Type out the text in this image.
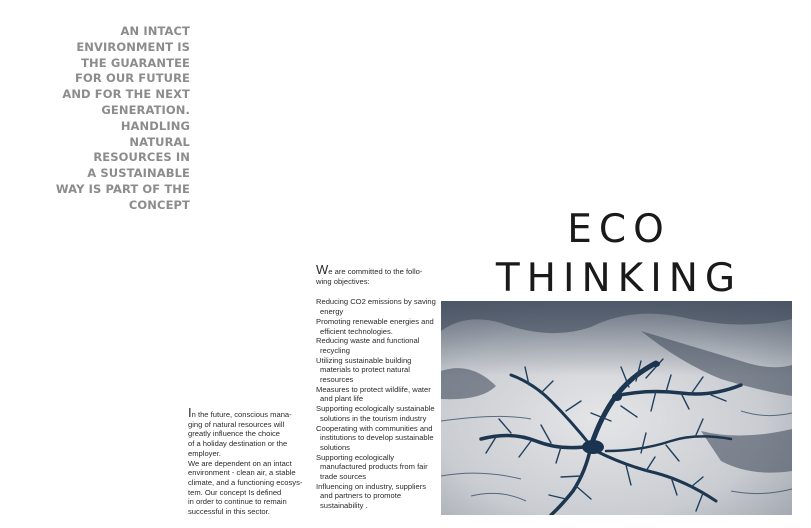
AN INTACT
ENVIRONMENT IS
THE GUARANTEE
FOR OUR FUTURE
AND FOR THE NEXT
GENERATION.
HANDLING
NATURAL
RESOURCES IN
A SUSTAINABLE
WAY IS PART OF THE
CONCEPT
In the future, conscious mana-
ging of natural resources will
greatly influence the choice
of a holiday destination or the
employer.
We are dependent on an intact
environment - clean air, a stable
climate, and a functioning ecosys-
tem. Our concept Is defined
in order to continue to remain
successful in this sector.
We are committed to the follo-
wing objectives:
Reducing CO2 emissions by saving energy
Promoting renewable energies and efficient technologies.
Reducing waste and functional recycling
Utilizing sustainable building materials to protect natural resources
Measures to protect wildlife, water and plant life
Supporting ecologically sustainable solutions in the tourism industry
Cooperating with communities and institutions to develop sustainable solutions
Supporting ecologically manufactured products from fair trade sources
Influencing on industry, suppliers and partners to promote sustainability .
ECO
THINKING
